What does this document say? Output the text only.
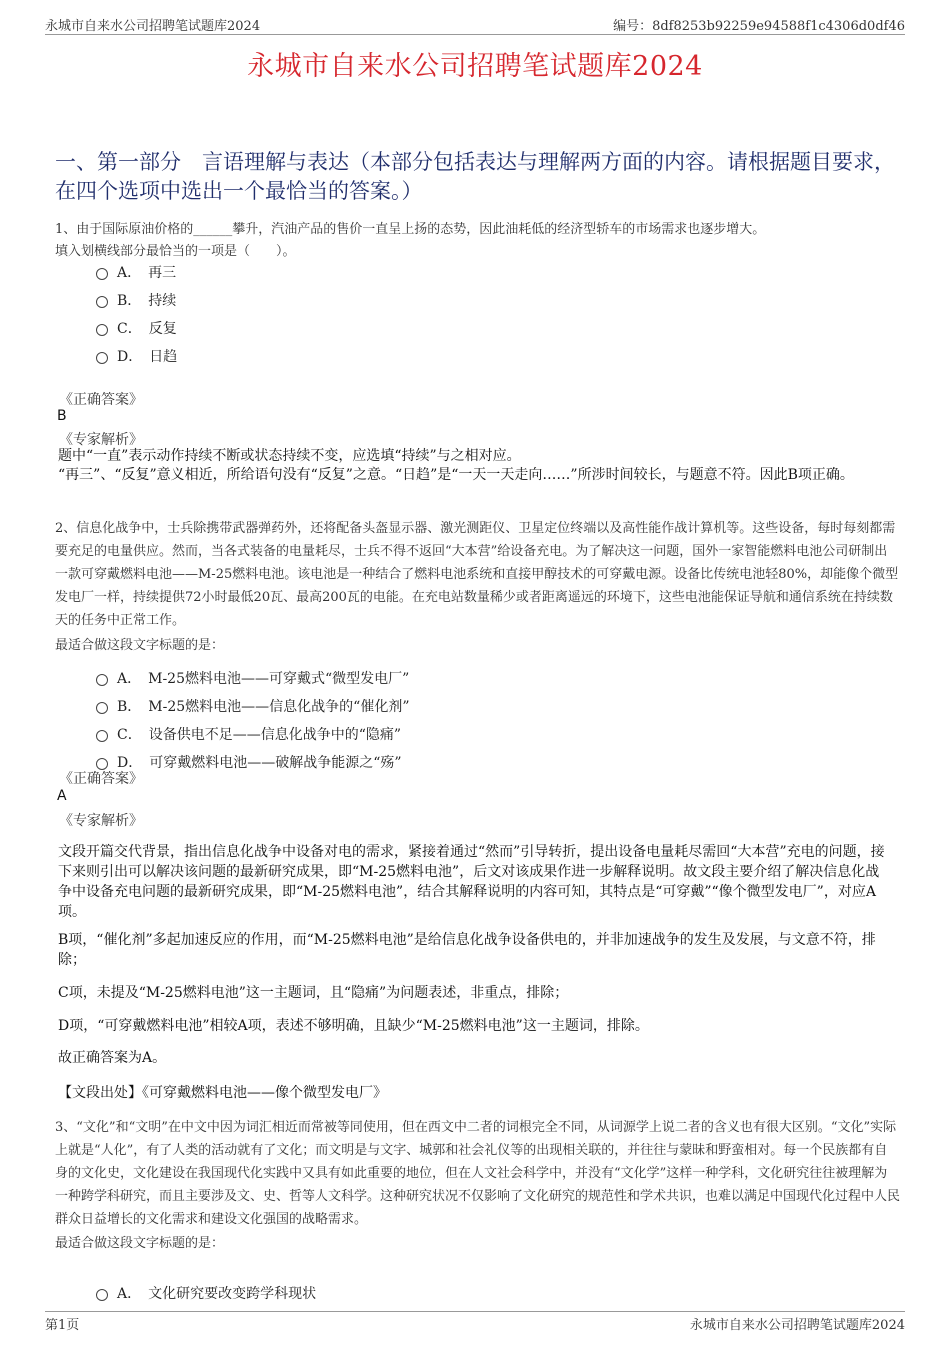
永城市自来水公司招聘笔试题库2024	编号：8df8253b92259e94588f1c4306d0df46
永城市自来水公司招聘笔试题库2024
一、第一部分　言语理解与表达（本部分包括表达与理解两方面的内容。请根据题目要求，在四个选项中选出一个最恰当的答案。）
1、由于国际原油价格的______攀升，汽油产品的售价一直呈上扬的态势，因此油耗低的经济型轿车的市场需求也逐步增大。
填入划横线部分最恰当的一项是（　　）。
A．　再三
B．　持续
C．　反复
D．　日趋
《正确答案》
B
《专家解析》
题中“一直”表示动作持续不断或状态持续不变，应选填“持续”与之相对应。
“再三”、“反复”意义相近，所给语句没有“反复”之意。“日趋”是“一天一天走向……”所涉时间较长，与题意不符。因此B项正确。
2、信息化战争中，士兵除携带武器弹药外，还将配备头盔显示器、激光测距仪、卫星定位终端以及高性能作战计算机等。这些设备，每时每刻都需要充足的电量供应。然而，当各式装备的电量耗尽，士兵不得不返回“大本营”给设备充电。为了解决这一问题，国外一家智能燃料电池公司研制出一款可穿戴燃料电池——M-25燃料电池。该电池是一种结合了燃料电池系统和直接甲醇技术的可穿戴电源。设备比传统电池轻80%，却能像个微型发电厂一样，持续提供72小时最低20瓦、最高200瓦的电能。在充电站数量稀少或者距离遥远的环境下，这些电池能保证导航和通信系统在持续数天的任务中正常工作。
最适合做这段文字标题的是：
A．　M-25燃料电池——可穿戴式“微型发电厂”
B．　M-25燃料电池——信息化战争的“催化剂”
C．　设备供电不足——信息化战争中的“隐痛”
D．　可穿戴燃料电池——破解战争能源之“殇”
《正确答案》
A
《专家解析》
文段开篇交代背景，指出信息化战争中设备对电的需求，紧接着通过“然而”引导转折，提出设备电量耗尽需回“大本营”充电的问题，接下来则引出可以解决该问题的最新研究成果，即“M-25燃料电池”，后文对该成果作进一步解释说明。故文段主要介绍了解决信息化战争中设备充电问题的最新研究成果，即“M-25燃料电池”，结合其解释说明的内容可知，其特点是“可穿戴”“像个微型发电厂”，对应A项。
B项，“催化剂”多起加速反应的作用，而“M-25燃料电池”是给信息化战争设备供电的，并非加速战争的发生及发展，与文意不符，排除；
C项，未提及“M-25燃料电池”这一主题词，且“隐痛”为问题表述，非重点，排除；
D项，“可穿戴燃料电池”相较A项，表述不够明确，且缺少“M-25燃料电池”这一主题词，排除。
故正确答案为A。
【文段出处】《可穿戴燃料电池——像个微型发电厂》
3、“文化”和“文明”在中文中因为词汇相近而常被等同使用，但在西文中二者的词根完全不同，从词源学上说二者的含义也有很大区别。“文化”实际上就是“人化”，有了人类的活动就有了文化；而文明是与文字、城郭和社会礼仪等的出现相关联的，并往往与蒙昧和野蛮相对。每一个民族都有自身的文化史，文化建设在我国现代化实践中又具有如此重要的地位，但在人文社会科学中，并没有“文化学”这样一种学科，文化研究往往被理解为一种跨学科研究，而且主要涉及文、史、哲等人文科学。这种研究状况不仅影响了文化研究的规范性和学术共识，也难以满足中国现代化过程中人民群众日益增长的文化需求和建设文化强国的战略需求。
最适合做这段文字标题的是：
A．　文化研究要改变跨学科现状
第1页	永城市自来水公司招聘笔试题库2024
